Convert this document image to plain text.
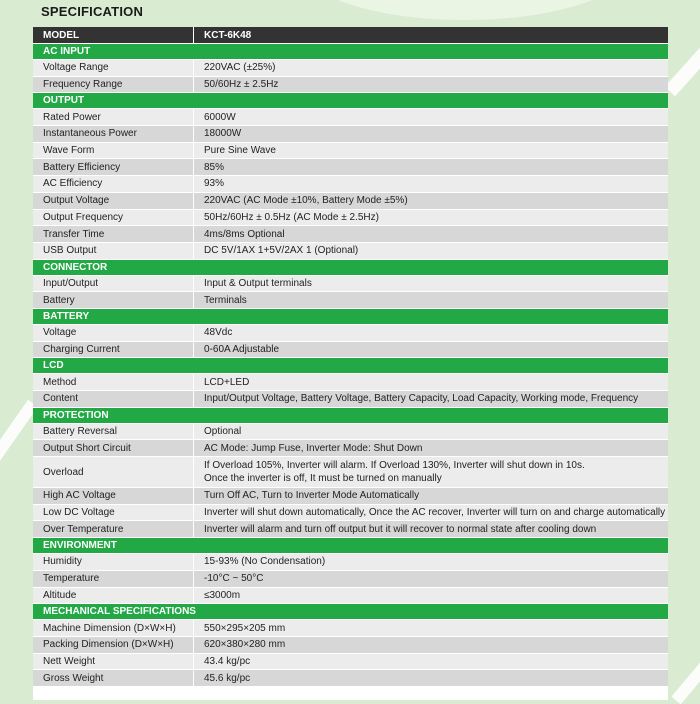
SPECIFICATION
MODEL	KCT-6K48
AC INPUT	
Voltage Range	220VAC (±25%)
Frequency Range	50/60Hz ± 2.5Hz
OUTPUT	
Rated Power	6000W
Instantaneous Power	18000W
Wave Form	Pure Sine Wave
Battery Efficiency	85%
AC Efficiency	93%
Output Voltage	220VAC (AC Mode ±10%, Battery Mode ±5%)
Output Frequency	50Hz/60Hz ± 0.5Hz (AC Mode ± 2.5Hz)
Transfer Time	4ms/8ms Optional
USB Output	DC 5V/1AX 1+5V/2AX 1 (Optional)
CONNECTOR	
Input/Output	Input & Output terminals
Battery	Terminals
BATTERY	
Voltage	48Vdc
Charging Current	0-60A Adjustable
LCD	
Method	LCD+LED
Content	Input/Output Voltage, Battery Voltage, Battery Capacity, Load Capacity, Working mode, Frequency
PROTECTION	
Battery Reversal	Optional
Output Short Circuit	AC Mode: Jump Fuse, Inverter Mode: Shut Down
Overload	If Overload 105%, Inverter will alarm. If Overload 130%, Inverter will shut down in 10s.
Once the inverter is off, It must be turned on manually

High AC Voltage	Turn Off AC, Turn to Inverter Mode Automatically
Low DC Voltage	Inverter will shut down automatically, Once the AC recover, Inverter will turn on and charge automatically
Over Temperature	Inverter will alarm and turn off output but it will recover to normal state after cooling down
ENVIRONMENT	
Humidity	15-93% (No Condensation)
Temperature	-10°C ~ 50°C
Altitude	≤3000m
MECHANICAL SPECIFICATIONS	
Machine Dimension (D×W×H)	550×295×205 mm
Packing Dimension (D×W×H)	620×380×280 mm
Nett Weight	43.4 kg/pc
Gross Weight	45.6 kg/pc
